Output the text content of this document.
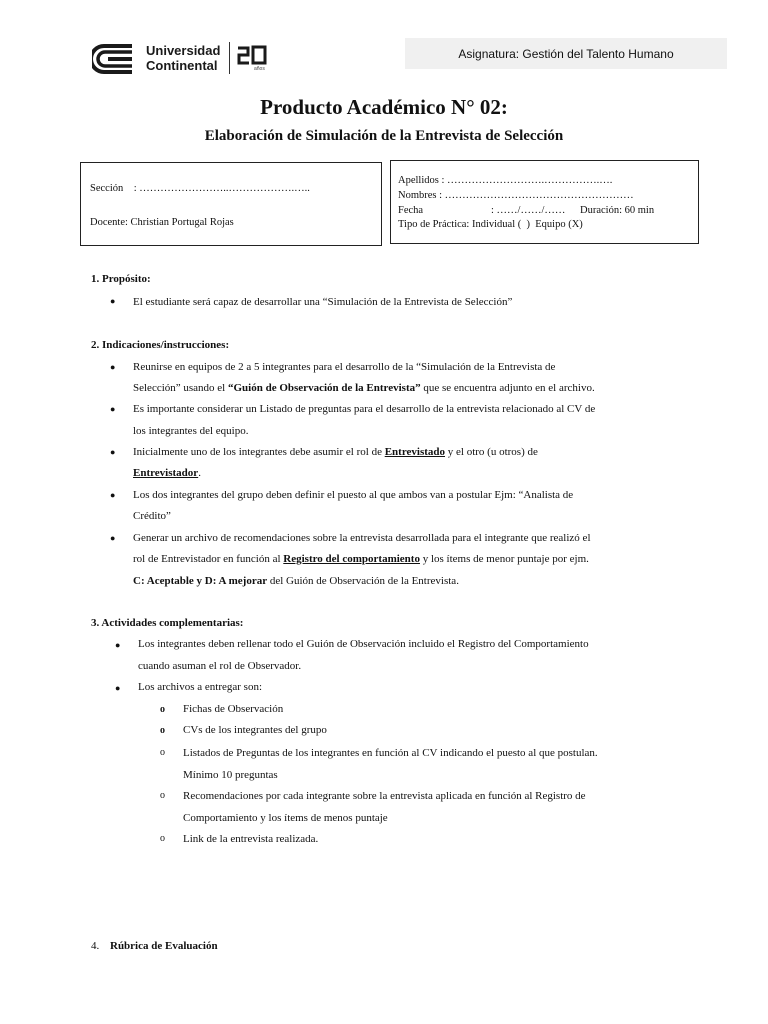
Universidad
Continental	años
Asignatura: Gestión del Talento Humano
Producto Académico N° 02:
Elaboración de Simulación de la Entrevista de Selección
Sección    : ……………………..……………….…..
Docente: Christian Portugal Rojas
Apellidos : ……………………….…………….….
Nombres : ………………………………………………
Fecha	: ……/……/…… Duración: 60 min
Tipo de Práctica: Individual (  )  Equipo (X)
1. Propósito:
● El estudiante será capaz de desarrollar una “Simulación de la Entrevista de Selección”
2. Indicaciones/instrucciones:
● Reunirse en equipos de 2 a 5 integrantes para el desarrollo de la “Simulación de la Entrevista de
Selección” usando el “Guión de Observación de la Entrevista” que se encuentra adjunto en el archivo.
● Es importante considerar un Listado de preguntas para el desarrollo de la entrevista relacionado al CV de
los integrantes del equipo.
● Inicialmente uno de los integrantes debe asumir el rol de Entrevistado y el otro (u otros) de
Entrevistador.
● Los dos integrantes del grupo deben definir el puesto al que ambos van a postular Ejm: “Analista de
Crédito”
● Generar un archivo de recomendaciones sobre la entrevista desarrollada para el integrante que realizó el
rol de Entrevistador en función al Registro del comportamiento y los ítems de menor puntaje por ejm.
C: Aceptable y D: A mejorar del Guión de Observación de la Entrevista.
3. Actividades complementarias:
● Los integrantes deben rellenar todo el Guión de Observación incluido el Registro del Comportamiento
cuando asuman el rol de Observador.
● Los archivos a entregar son:
o Fichas de Observación
o CVs de los integrantes del grupo
o Listados de Preguntas de los integrantes en función al CV indicando el puesto al que postulan.
Mínimo 10 preguntas
o Recomendaciones por cada integrante sobre la entrevista aplicada en función al Registro de
Comportamiento y los ítems de menos puntaje
o Link de la entrevista realizada.
4. Rúbrica de Evaluación
